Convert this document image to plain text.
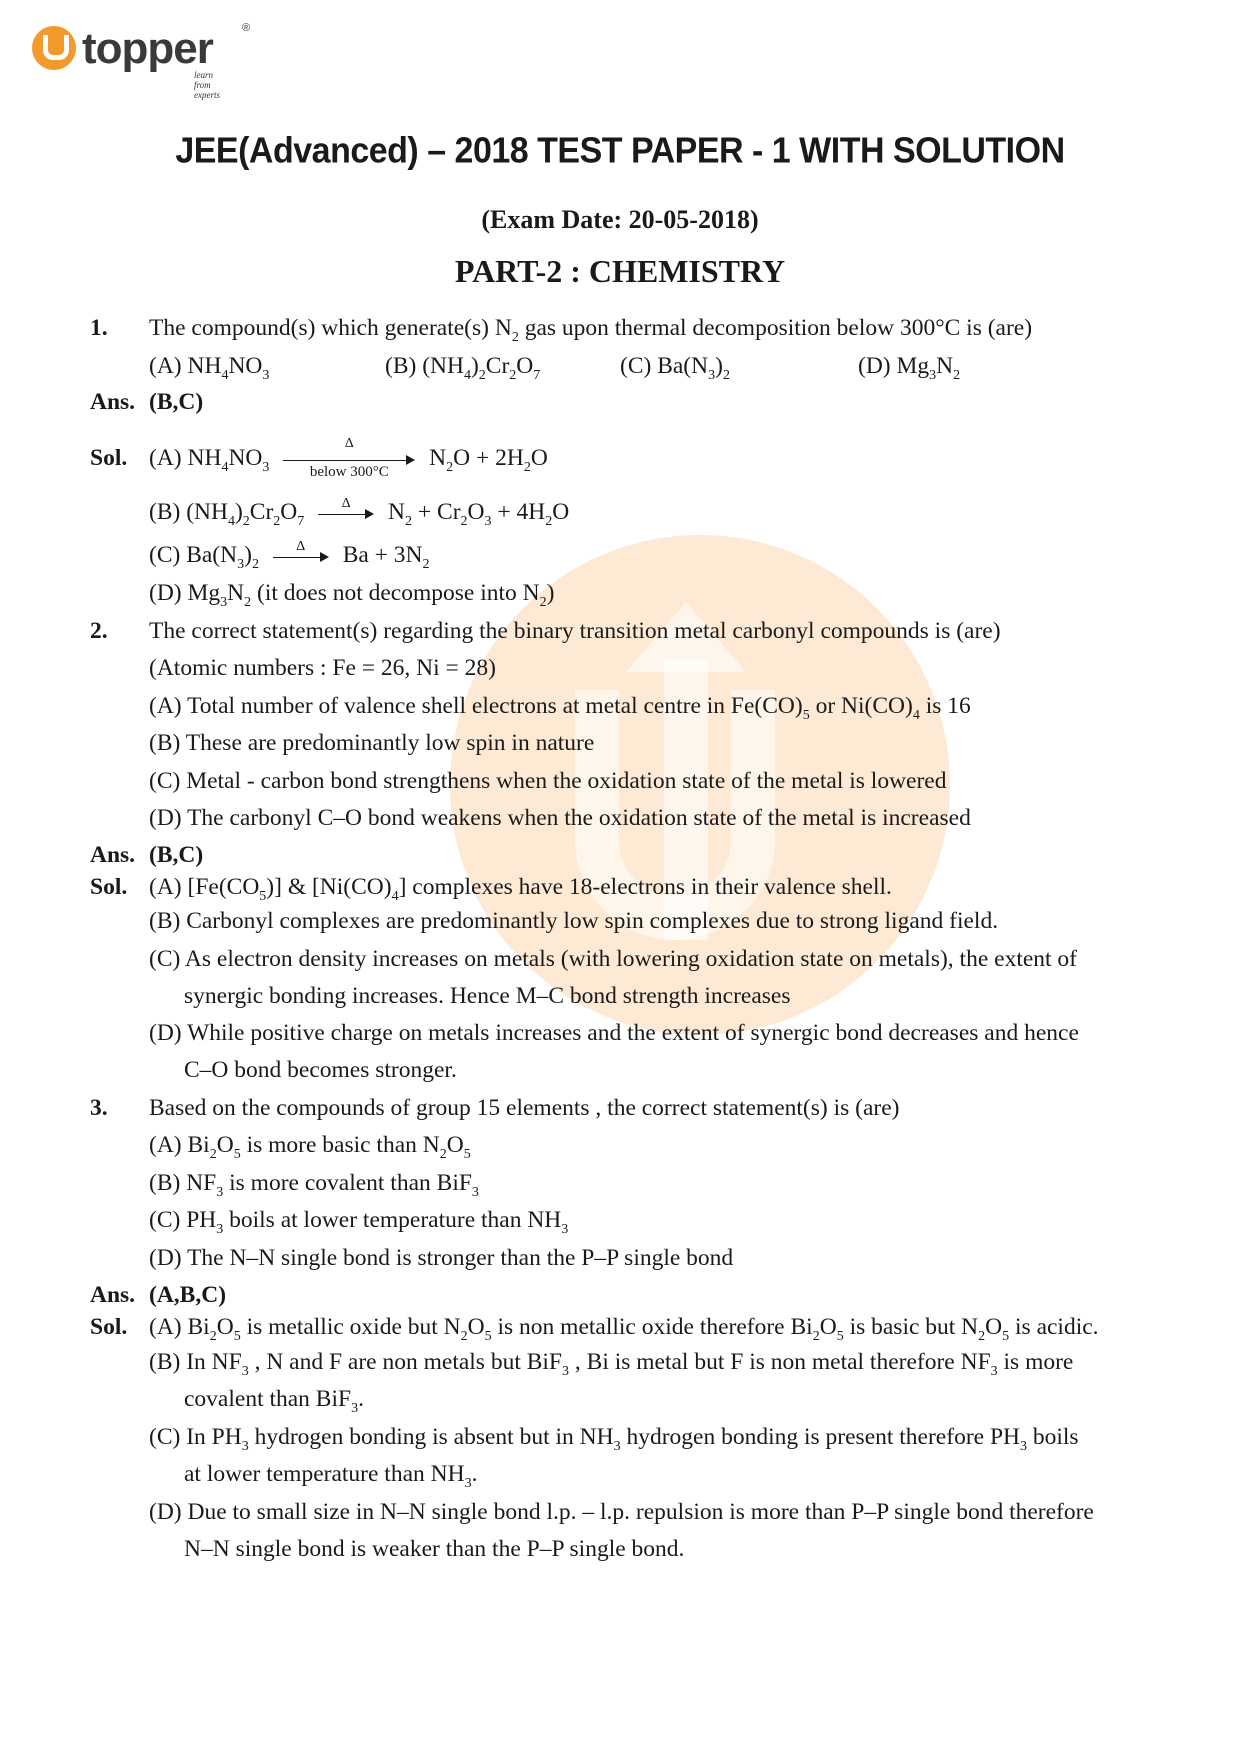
topper	®
learn from experts
JEE(Advanced) – 2018 TEST PAPER - 1 WITH SOLUTION
(Exam Date: 20-05-2018)
PART-2 : CHEMISTRY
1. The compound(s) which generate(s) $N_2$ gas upon thermal decomposition below 300°C is (are)
(A) $NH_4NO_3$	(B) $(NH_4)_2Cr_2O_7$	(C) $Ba(N_3)_2$	(D) $Mg_3N_2$
Ans. (B,C)
Sol. (A) $NH_4NO_3$
Δ
below 300°C
$N_2O + 2H_2O$
(B) $(NH_4)_2Cr_2O_7$
Δ	$N_2 + Cr_2O_3 + 4H_2O$
(C) $Ba(N_3)_2$
Δ	$Ba + 3N_2$
(D) $Mg_3N_2$ (it does not decompose into $N_2$)
2. The correct statement(s) regarding the binary transition metal carbonyl compounds is (are)
(Atomic numbers : Fe = 26, Ni = 28)
(A) Total number of valence shell electrons at metal centre in $Fe(CO)_5$ or $Ni(CO)_4$ is 16
(B) These are predominantly low spin in nature
(C) Metal - carbon bond strengthens when the oxidation state of the metal is lowered
(D) The carbonyl C–O bond weakens when the oxidation state of the metal is increased
Ans. (B,C)
Sol. (A) $[Fe(CO_5)]$ & $[Ni(CO)_4]$ complexes have 18-electrons in their valence shell.
(B) Carbonyl complexes are predominantly low spin complexes due to strong ligand field.
(C) As electron density increases on metals (with lowering oxidation state on metals), the extent of
synergic bonding increases. Hence M–C bond strength increases
(D) While positive charge on metals increases and the extent of synergic bond decreases and hence
C–O bond becomes stronger.
3. Based on the compounds of group 15 elements , the correct statement(s) is (are)
(A) $Bi_2O_5$ is more basic than $N_2O_5$
(B) $NF_3$ is more covalent than BiF$_3$
(C) $PH_3$ boils at lower temperature than $NH_3$
(D) The N–N single bond is stronger than the P–P single bond
Ans. (A,B,C)
Sol. (A) $Bi_2O_5$ is metallic oxide but $N_2O_5$ is non metallic oxide therefore $Bi_2O_5$ is basic but $N_2O_5$ is acidic.
(B) In $NF_3$ , N and F are non metals but BiF$_3$ , Bi is metal but F is non metal therefore $NF_3$ is more
covalent than BiF$_3$.
(C) In $PH_3$ hydrogen bonding is absent but in $NH_3$ hydrogen bonding is present therefore $PH_3$ boils
at lower temperature than $NH_3$.
(D) Due to small size in N–N single bond l.p. – l.p. repulsion is more than P–P single bond therefore
N–N single bond is weaker than the P–P single bond.
